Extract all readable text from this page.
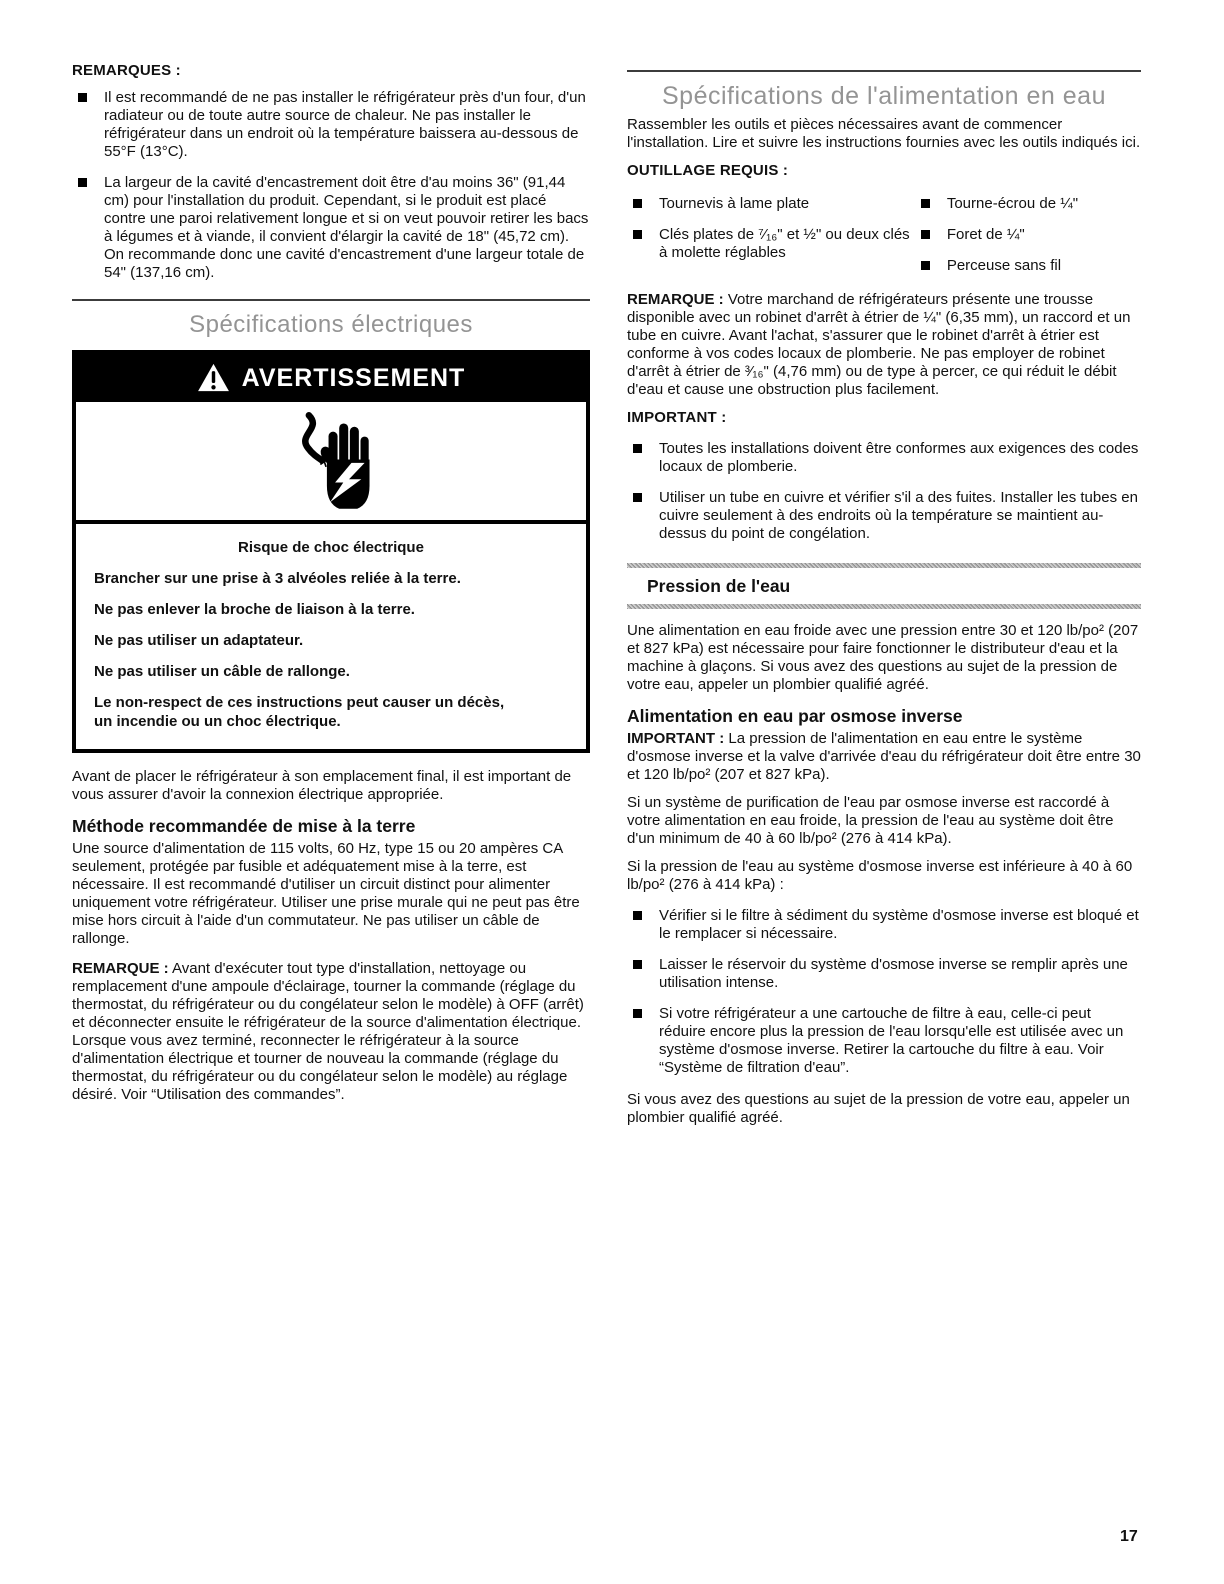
REMARQUES :
Il est recommandé de ne pas installer le réfrigérateur près d'un four, d'un radiateur ou de toute autre source de chaleur. Ne pas installer le réfrigérateur dans un endroit où la température baissera au-dessous de 55°F (13°C).
La largeur de la cavité d'encastrement doit être d'au moins 36" (91,44 cm) pour l'installation du produit. Cependant, si le produit est placé contre une paroi relativement longue et si on veut pouvoir retirer les bacs à légumes et à viande, il convient d'élargir la cavité de 18" (45,72 cm). On recommande donc une cavité d'encastrement d'une largeur totale de 54" (137,16 cm).
Spécifications électriques
AVERTISSEMENT

Risque de choc électrique

Brancher sur une prise à 3 alvéoles reliée à la terre.

Ne pas enlever la broche de liaison à la terre.

Ne pas utiliser un adaptateur.

Ne pas utiliser un câble de rallonge.

Le non-respect de ces instructions peut causer un décès, un incendie ou un choc électrique.

Avant de placer le réfrigérateur à son emplacement final, il est important de vous assurer d'avoir la connexion électrique appropriée.

Méthode recommandée de mise à la terre

Une source d'alimentation de 115 volts, 60 Hz, type 15 ou 20 ampères CA seulement, protégée par fusible et adéquatement mise à la terre, est nécessaire. Il est recommandé d'utiliser un circuit distinct pour alimenter uniquement votre réfrigérateur. Utiliser une prise murale qui ne peut pas être mise hors circuit à l'aide d'un commutateur. Ne pas utiliser un câble de rallonge.

REMARQUE : Avant d'exécuter tout type d'installation, nettoyage ou remplacement d'une ampoule d'éclairage, tourner la commande (réglage du thermostat, du réfrigérateur ou du congélateur selon le modèle) à OFF (arrêt) et déconnecter ensuite le réfrigérateur de la source d'alimentation électrique. Lorsque vous avez terminé, reconnecter le réfrigérateur à la source d'alimentation électrique et tourner de nouveau la commande (réglage du thermostat, du réfrigérateur ou du congélateur selon le modèle) au réglage désiré. Voir “Utilisation des commandes”.

Spécifications de l'alimentation en eau

Rassembler les outils et pièces nécessaires avant de commencer l'installation. Lire et suivre les instructions fournies avec les outils indiqués ici.

OUTILLAGE REQUIS :
Tournevis à lame plate
Clés plates de ⁷⁄₁₆" et ½" ou deux clés à molette réglables
Tourne-écrou de ¼"
Foret de ¼"
Perceuse sans fil

REMARQUE : Votre marchand de réfrigérateurs présente une trousse disponible avec un robinet d'arrêt à étrier de ¼" (6,35 mm), un raccord et un tube en cuivre. Avant l'achat, s'assurer que le robinet d'arrêt à étrier est conforme à vos codes locaux de plomberie. Ne pas employer de robinet d'arrêt à étrier de ³⁄₁₆" (4,76 mm) ou de type à percer, ce qui réduit le débit d'eau et cause une obstruction plus facilement.

IMPORTANT :
Toutes les installations doivent être conformes aux exigences des codes locaux de plomberie.
Utiliser un tube en cuivre et vérifier s'il a des fuites. Installer les tubes en cuivre seulement à des endroits où la température se maintient au-dessus du point de congélation.
Pression de l'eau

Une alimentation en eau froide avec une pression entre 30 et 120 lb/po² (207 et 827 kPa) est nécessaire pour faire fonctionner le distributeur d'eau et la machine à glaçons. Si vous avez des questions au sujet de la pression de votre eau, appeler un plombier qualifié agréé.

Alimentation en eau par osmose inverse

IMPORTANT : La pression de l'alimentation en eau entre le système d'osmose inverse et la valve d'arrivée d'eau du réfrigérateur doit être entre 30 et 120 lb/po² (207 et 827 kPa).

Si un système de purification de l'eau par osmose inverse est raccordé à votre alimentation en eau froide, la pression de l'eau au système doit être d'un minimum de 40 à 60 lb/po² (276 à 414 kPa).

Si la pression de l'eau au système d'osmose inverse est inférieure à 40 à 60 lb/po² (276 à 414 kPa) :

Vérifier si le filtre à sédiment du système d'osmose inverse est bloqué et le remplacer si nécessaire.
Laisser le réservoir du système d'osmose inverse se remplir après une utilisation intense.
Si votre réfrigérateur a une cartouche de filtre à eau, celle-ci peut réduire encore plus la pression de l'eau lorsqu'elle est utilisée avec un système d'osmose inverse. Retirer la cartouche du filtre à eau. Voir “Système de filtration d'eau”.

Si vous avez des questions au sujet de la pression de votre eau, appeler un plombier qualifié agréé.

17
